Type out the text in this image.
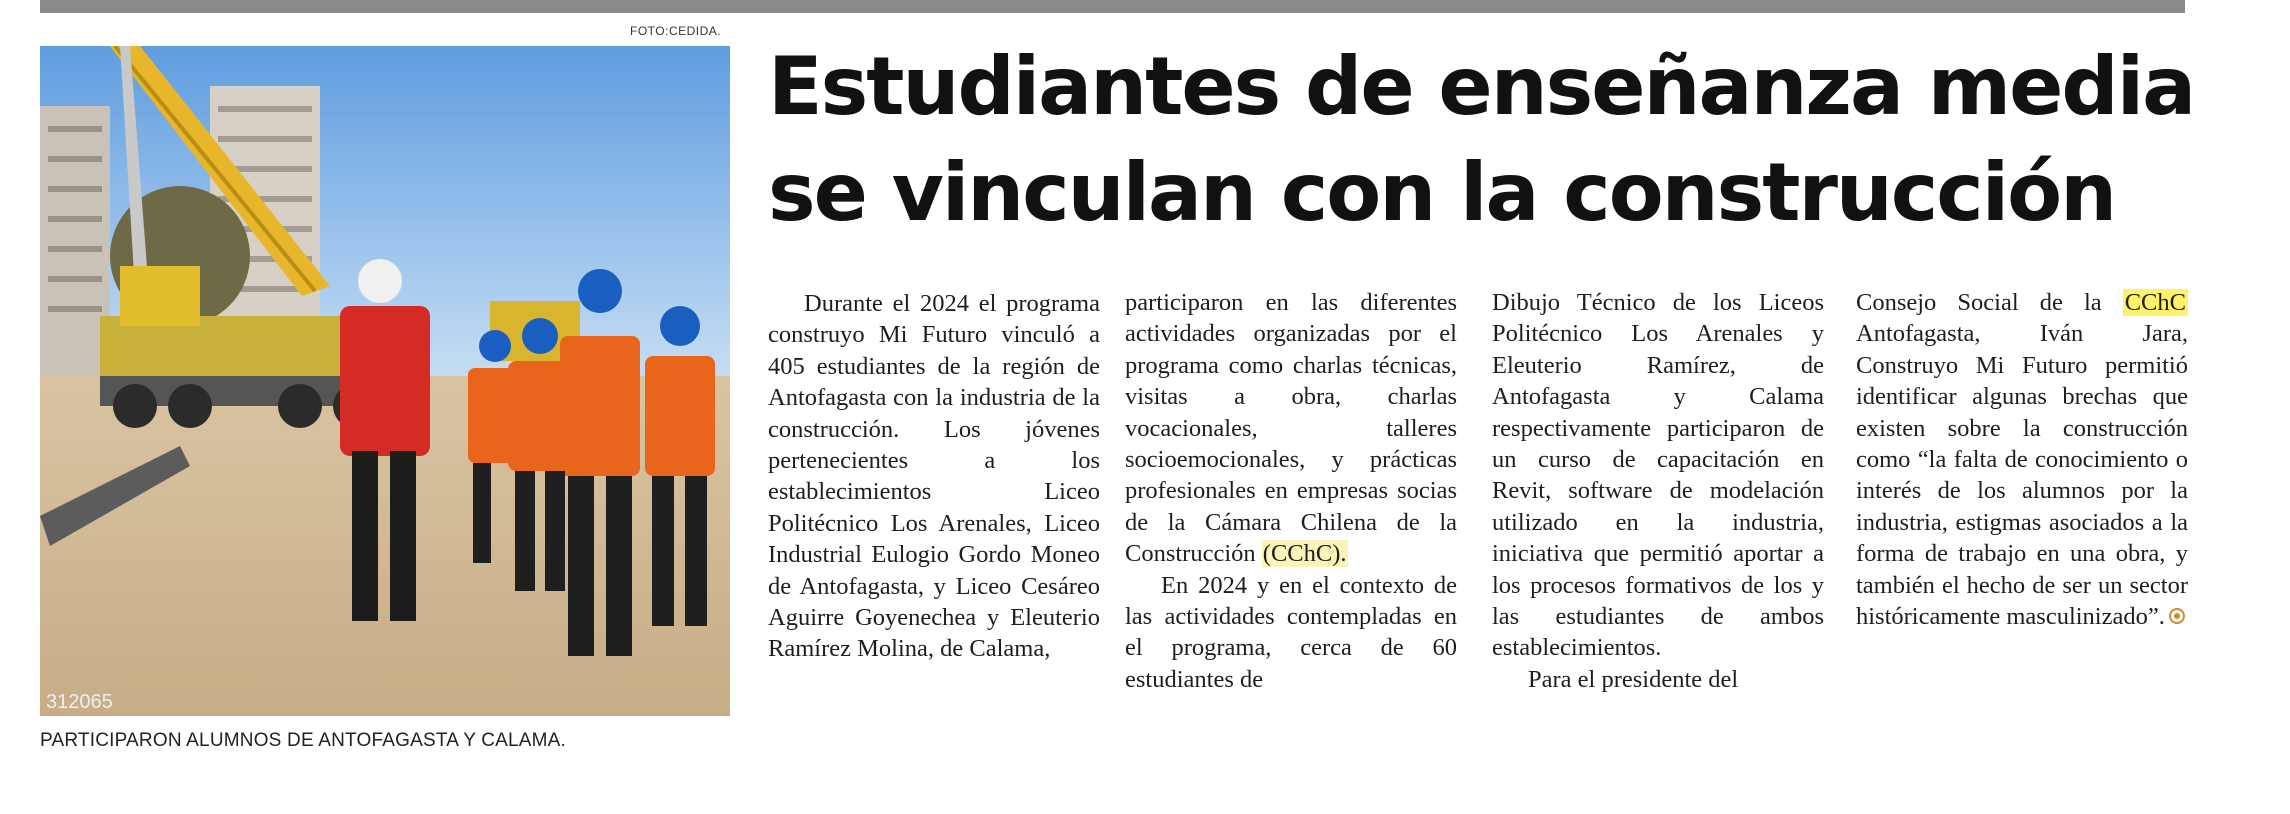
FOTO:CEDIDA.
312065
PARTICIPARON ALUMNOS DE ANTOFAGASTA Y CALAMA.
Estudiantes de enseñanza media
se vinculan con la construcción

Durante el 2024 el programa construyo Mi Futuro vinculó a 405 estudiantes de la región de Antofagasta con la industria de la construcción. Los jóvenes pertenecientes a los establecimientos Liceo Politécnico Los Arenales, Liceo Industrial Eulogio Gordo Moneo de Antofagasta, y Liceo Cesáreo Aguirre Goyenechea y Eleuterio Ramírez Molina, de Calama,

participaron en las diferentes actividades organizadas por el programa como charlas técnicas, visitas a obra, charlas vocacionales, talleres socioemocionales, y prácticas profesionales en empresas socias de la Cámara Chilena de la Construcción (CChC).

En 2024 y en el contexto de las actividades contempladas en el programa, cerca de 60 estudiantes de

Dibujo Técnico de los Liceos Politécnico Los Arenales y Eleuterio Ramírez, de Antofagasta y Calama respectivamente participaron de un curso de capacitación en Revit, software de modelación utilizado en la industria, iniciativa que permitió aportar a los procesos formativos de los y las estudiantes de ambos establecimientos.

Para el presidente del

Consejo Social de la CChC Antofagasta, Iván Jara, Construyo Mi Futuro permitió identificar algunas brechas que existen sobre la construcción como “la falta de conocimiento o interés de los alumnos por la industria, estigmas asociados a la forma de trabajo en una obra, y también el hecho de ser un sector históricamente masculinizado”.
